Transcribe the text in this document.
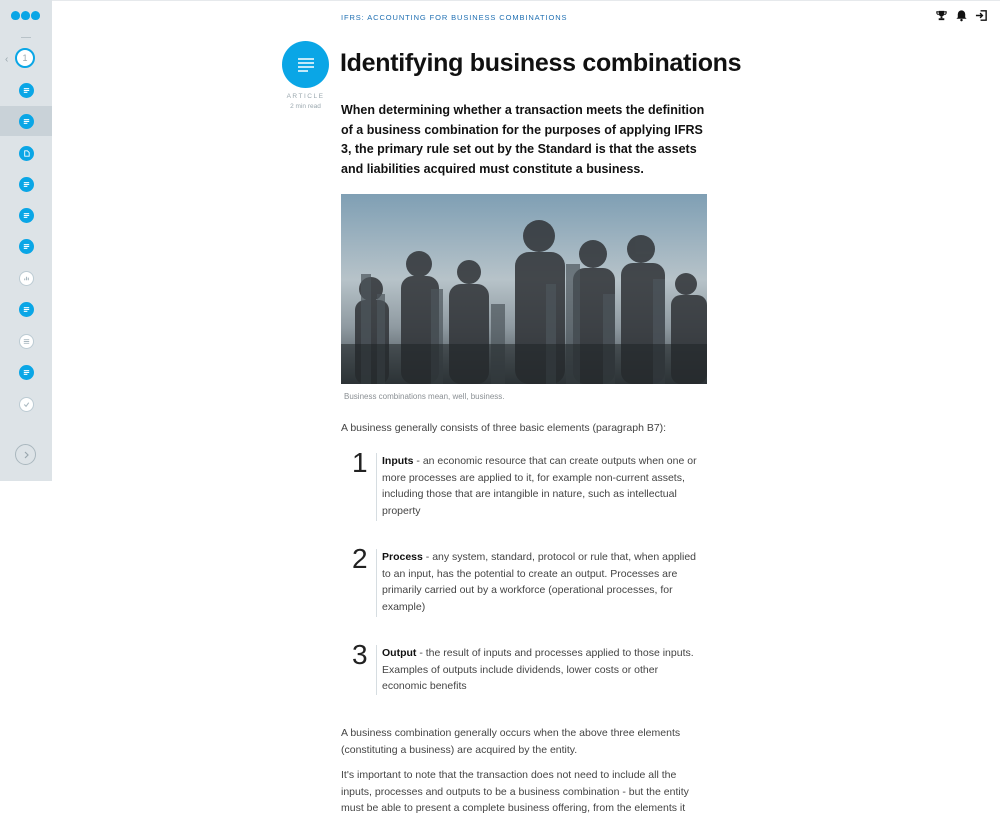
‹ 1
IFRS: ACCOUNTING FOR BUSINESS COMBINATIONS
ARTICLE
2 min read
Identifying business combinations

When determining whether a transaction meets the definition of a business combination for the purposes of applying IFRS 3, the primary rule set out by the Standard is that the assets and liabilities acquired must constitute a business.

Business combinations mean, well, business.

A business generally consists of three basic elements (paragraph B7):

1 Inputs - an economic resource that can create outputs when one or more processes are applied to it, for example non-current assets, including those that are intangible in nature, such as intellectual property

2 Process - any system, standard, protocol or rule that, when applied to an input, has the potential to create an output. Processes are primarily carried out by a workforce (operational processes, for example)

3 Output - the result of inputs and processes applied to those inputs. Examples of outputs include dividends, lower costs or other economic benefits

A business combination generally occurs when the above three elements (constituting a business) are acquired by the entity.

It's important to note that the transaction does not need to include all the inputs, processes and outputs to be a business combination - but the entity must be able to present a complete business offering, from the elements it
